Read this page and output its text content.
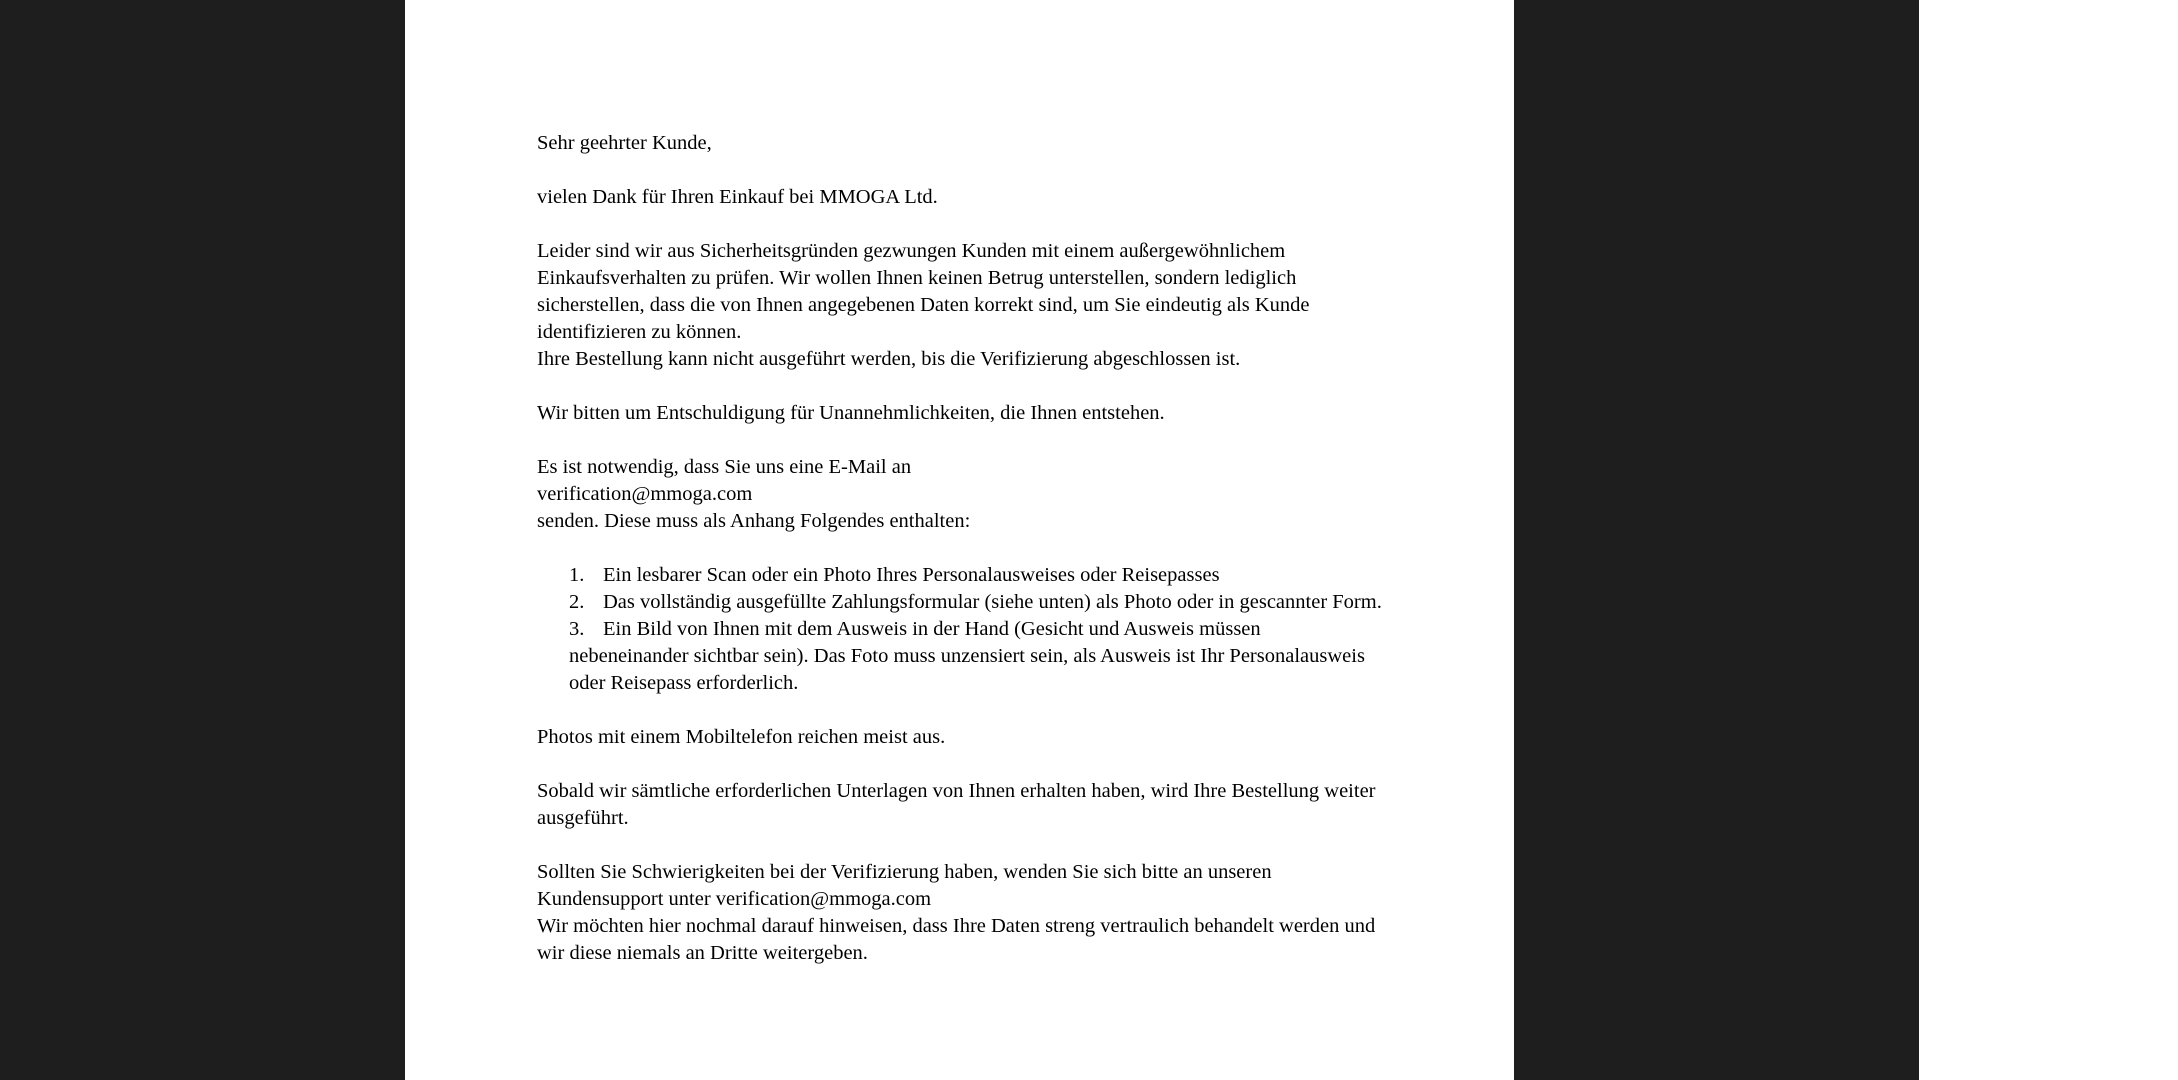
Sehr geehrter Kunde,

vielen Dank für Ihren Einkauf bei MMOGA Ltd.

Leider sind wir aus Sicherheitsgründen gezwungen Kunden mit einem außergewöhnlichem

Einkaufsverhalten zu prüfen. Wir wollen Ihnen keinen Betrug unterstellen, sondern lediglich

sicherstellen, dass die von Ihnen angegebenen Daten korrekt sind, um Sie eindeutig als Kunde

identifizieren zu können.

Ihre Bestellung kann nicht ausgeführt werden, bis die Verifizierung abgeschlossen ist.

Wir bitten um Entschuldigung für Unannehmlichkeiten, die Ihnen entstehen.

Es ist notwendig, dass Sie uns eine E-Mail an

verification@mmoga.com

senden. Diese muss als Anhang Folgendes enthalten:

1. Ein lesbarer Scan oder ein Photo Ihres Personalausweises oder Reisepasses
2. Das vollständig ausgefüllte Zahlungsformular (siehe unten) als Photo oder in gescannter Form.
3. Ein Bild von Ihnen mit dem Ausweis in der Hand (Gesicht und Ausweis müssen
nebeneinander sichtbar sein). Das Foto muss unzensiert sein, als Ausweis ist Ihr Personalausweis
oder Reisepass erforderlich.

Photos mit einem Mobiltelefon reichen meist aus.

Sobald wir sämtliche erforderlichen Unterlagen von Ihnen erhalten haben, wird Ihre Bestellung weiter

ausgeführt.

Sollten Sie Schwierigkeiten bei der Verifizierung haben, wenden Sie sich bitte an unseren

Kundensupport unter verification@mmoga.com

Wir möchten hier nochmal darauf hinweisen, dass Ihre Daten streng vertraulich behandelt werden und

wir diese niemals an Dritte weitergeben.
